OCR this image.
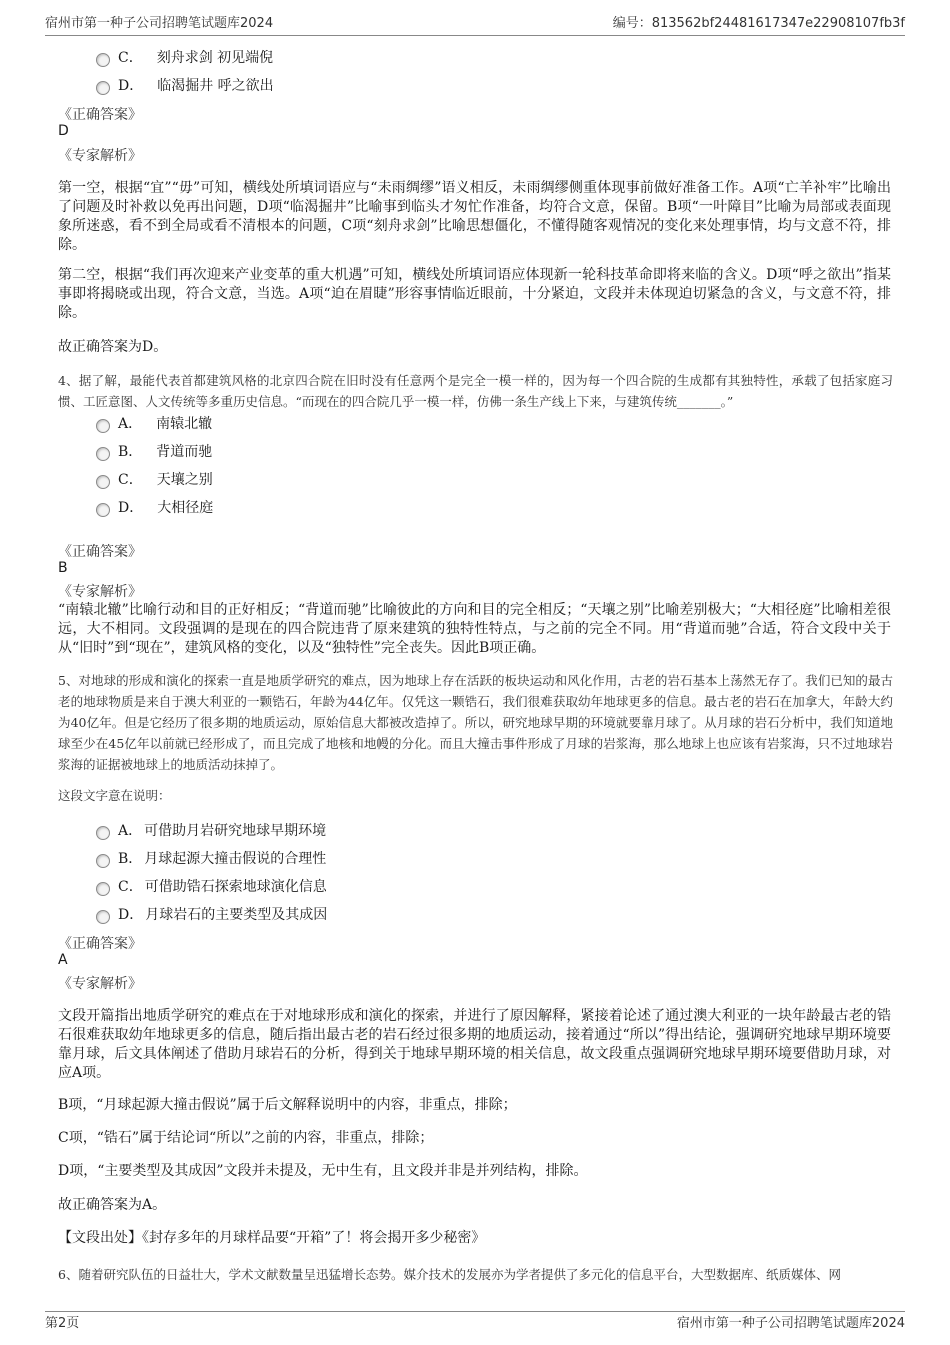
宿州市第一种子公司招聘笔试题库2024	编号：813562bf24481617347e22908107fb3f
C． 刻舟求剑 初见端倪
D． 临渴掘井 呼之欲出
《正确答案》
D
《专家解析》
第一空，根据“宜”“毋”可知，横线处所填词语应与“未雨绸缪”语义相反，未雨绸缪侧重体现事前做好准备工作。A项“亡羊补牢”比喻出了问题及时补救以免再出问题，D项“临渴掘井”比喻事到临头才匆忙作准备，均符合文意，保留。B项“一叶障目”比喻为局部或表面现象所迷惑，看不到全局或看不清根本的问题，C项“刻舟求剑”比喻思想僵化，不懂得随客观情况的变化来处理事情，均与文意不符，排除。
第二空，根据“我们再次迎来产业变革的重大机遇”可知，横线处所填词语应体现新一轮科技革命即将来临的含义。D项“呼之欲出”指某事即将揭晓或出现，符合文意，当选。A项“迫在眉睫”形容事情临近眼前，十分紧迫，文段并未体现迫切紧急的含义，与文意不符，排除。
故正确答案为D。
4、据了解，最能代表首都建筑风格的北京四合院在旧时没有任意两个是完全一模一样的，因为每一个四合院的生成都有其独特性，承载了包括家庭习惯、工匠意图、人文传统等多重历史信息。“而现在的四合院几乎一模一样，仿佛一条生产线上下来，与建筑传统_______。”
A． 南辕北辙
B． 背道而驰
C． 天壤之别
D． 大相径庭
《正确答案》
B
《专家解析》
“南辕北辙”比喻行动和目的正好相反；“背道而驰”比喻彼此的方向和目的完全相反；“天壤之别”比喻差别极大；“大相径庭”比喻相差很远，大不相同。文段强调的是现在的四合院违背了原来建筑的独特性特点，与之前的完全不同。用“背道而驰”合适，符合文段中关于从“旧时”到“现在”，建筑风格的变化，以及“独特性”完全丧失。因此B项正确。
5、对地球的形成和演化的探索一直是地质学研究的难点，因为地球上存在活跃的板块运动和风化作用，古老的岩石基本上荡然无存了。我们已知的最古老的地球物质是来自于澳大利亚的一颗锆石，年龄为44亿年。仅凭这一颗锆石，我们很难获取幼年地球更多的信息。最古老的岩石在加拿大，年龄大约为40亿年。但是它经历了很多期的地质运动，原始信息大都被改造掉了。所以，研究地球早期的环境就要靠月球了。从月球的岩石分析中，我们知道地球至少在45亿年以前就已经形成了，而且完成了地核和地幔的分化。而且大撞击事件形成了月球的岩浆海，那么地球上也应该有岩浆海，只不过地球岩浆海的证据被地球上的地质活动抹掉了。
这段文字意在说明：
A． 可借助月岩研究地球早期环境
B． 月球起源大撞击假说的合理性
C． 可借助锆石探索地球演化信息
D． 月球岩石的主要类型及其成因
《正确答案》
A
《专家解析》
文段开篇指出地质学研究的难点在于对地球形成和演化的探索，并进行了原因解释，紧接着论述了通过澳大利亚的一块年龄最古老的锆石很难获取幼年地球更多的信息，随后指出最古老的岩石经过很多期的地质运动，接着通过“所以”得出结论，强调研究地球早期环境要靠月球，后文具体阐述了借助月球岩石的分析，得到关于地球早期环境的相关信息，故文段重点强调研究地球早期环境要借助月球，对应A项。
B项，“月球起源大撞击假说”属于后文解释说明中的内容，非重点，排除；
C项，“锆石”属于结论词“所以”之前的内容，非重点，排除；
D项，“主要类型及其成因”文段并未提及，无中生有，且文段并非是并列结构，排除。
故正确答案为A。
【文段出处】《封存多年的月球样品要“开箱”了！将会揭开多少秘密》
6、随着研究队伍的日益壮大，学术文献数量呈迅猛增长态势。媒介技术的发展亦为学者提供了多元化的信息平台，大型数据库、纸质媒体、网
第2页	宿州市第一种子公司招聘笔试题库2024
